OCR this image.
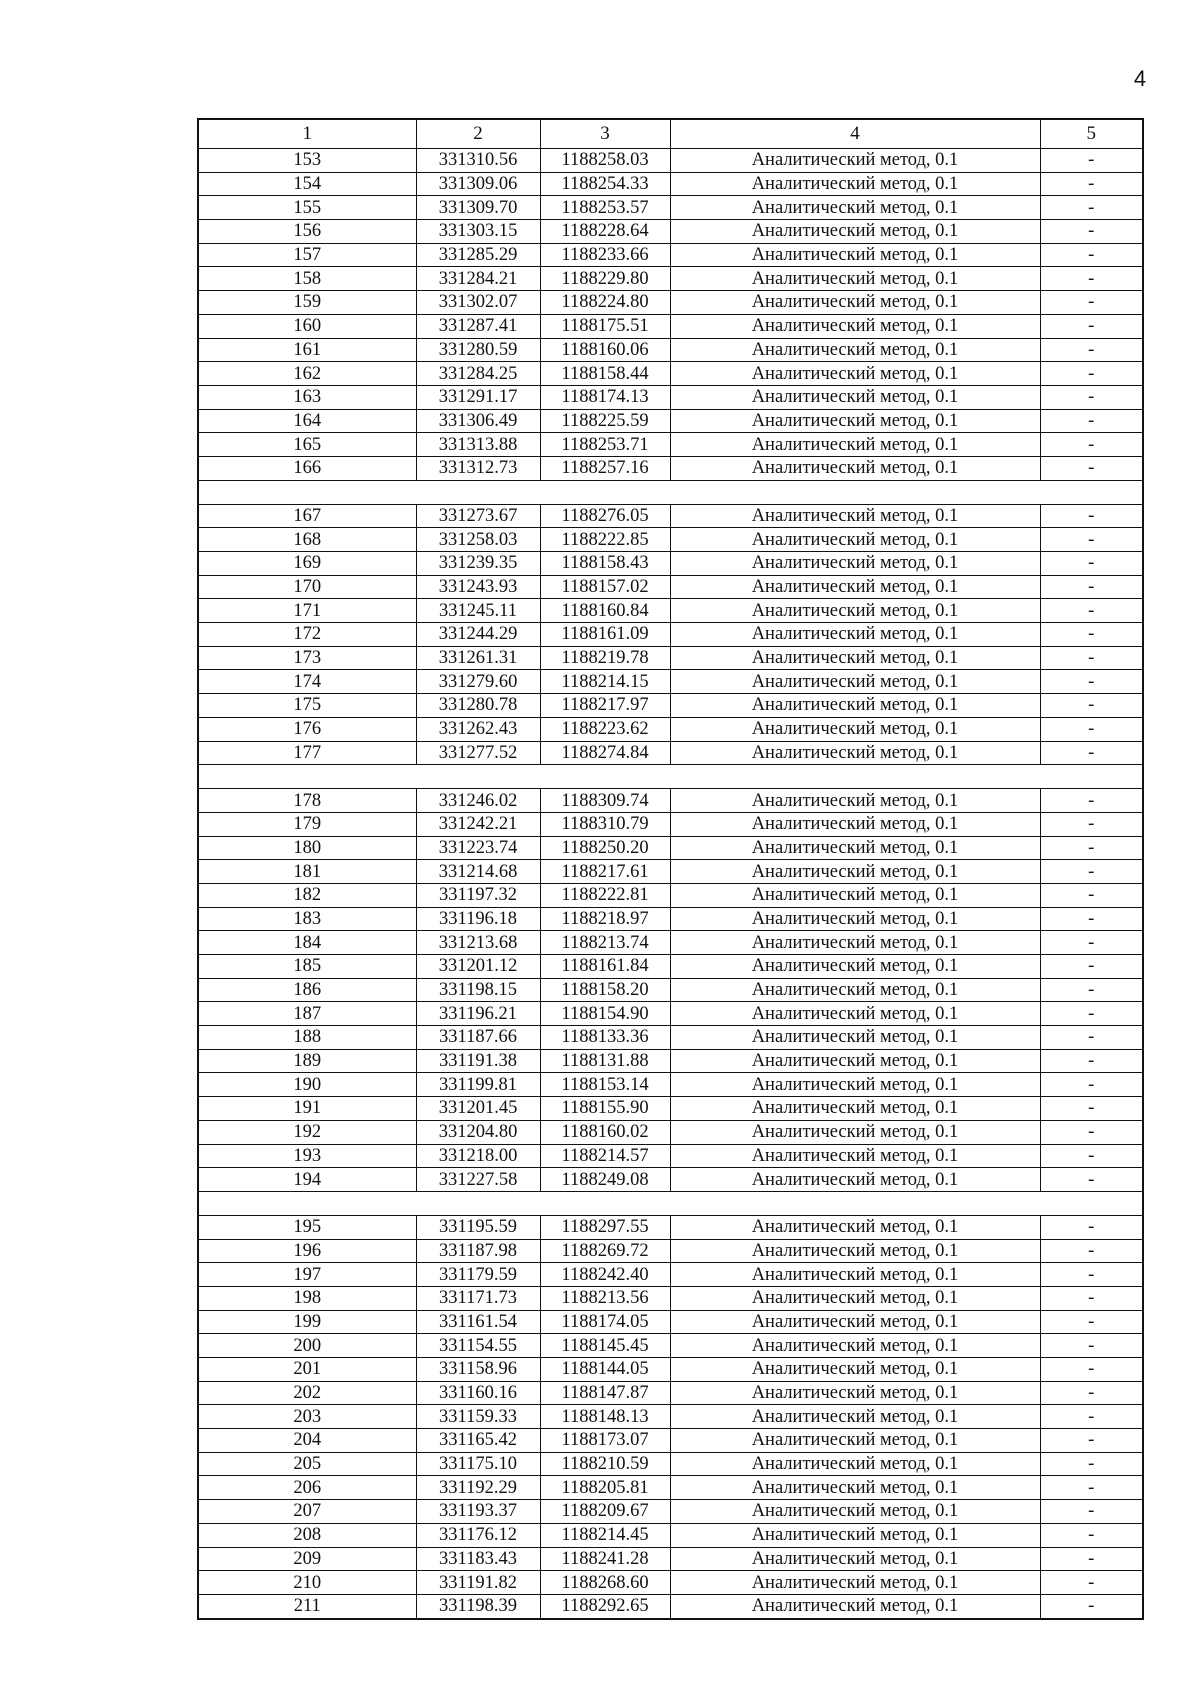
4
1	2	3	4	5
153	331310.56	1188258.03	Аналитический метод, 0.1	-
154	331309.06	1188254.33	Аналитический метод, 0.1	-
155	331309.70	1188253.57	Аналитический метод, 0.1	-
156	331303.15	1188228.64	Аналитический метод, 0.1	-
157	331285.29	1188233.66	Аналитический метод, 0.1	-
158	331284.21	1188229.80	Аналитический метод, 0.1	-
159	331302.07	1188224.80	Аналитический метод, 0.1	-
160	331287.41	1188175.51	Аналитический метод, 0.1	-
161	331280.59	1188160.06	Аналитический метод, 0.1	-
162	331284.25	1188158.44	Аналитический метод, 0.1	-
163	331291.17	1188174.13	Аналитический метод, 0.1	-
164	331306.49	1188225.59	Аналитический метод, 0.1	-
165	331313.88	1188253.71	Аналитический метод, 0.1	-
166	331312.73	1188257.16	Аналитический метод, 0.1	-

167	331273.67	1188276.05	Аналитический метод, 0.1	-
168	331258.03	1188222.85	Аналитический метод, 0.1	-
169	331239.35	1188158.43	Аналитический метод, 0.1	-
170	331243.93	1188157.02	Аналитический метод, 0.1	-
171	331245.11	1188160.84	Аналитический метод, 0.1	-
172	331244.29	1188161.09	Аналитический метод, 0.1	-
173	331261.31	1188219.78	Аналитический метод, 0.1	-
174	331279.60	1188214.15	Аналитический метод, 0.1	-
175	331280.78	1188217.97	Аналитический метод, 0.1	-
176	331262.43	1188223.62	Аналитический метод, 0.1	-
177	331277.52	1188274.84	Аналитический метод, 0.1	-

178	331246.02	1188309.74	Аналитический метод, 0.1	-
179	331242.21	1188310.79	Аналитический метод, 0.1	-
180	331223.74	1188250.20	Аналитический метод, 0.1	-
181	331214.68	1188217.61	Аналитический метод, 0.1	-
182	331197.32	1188222.81	Аналитический метод, 0.1	-
183	331196.18	1188218.97	Аналитический метод, 0.1	-
184	331213.68	1188213.74	Аналитический метод, 0.1	-
185	331201.12	1188161.84	Аналитический метод, 0.1	-
186	331198.15	1188158.20	Аналитический метод, 0.1	-
187	331196.21	1188154.90	Аналитический метод, 0.1	-
188	331187.66	1188133.36	Аналитический метод, 0.1	-
189	331191.38	1188131.88	Аналитический метод, 0.1	-
190	331199.81	1188153.14	Аналитический метод, 0.1	-
191	331201.45	1188155.90	Аналитический метод, 0.1	-
192	331204.80	1188160.02	Аналитический метод, 0.1	-
193	331218.00	1188214.57	Аналитический метод, 0.1	-
194	331227.58	1188249.08	Аналитический метод, 0.1	-

195	331195.59	1188297.55	Аналитический метод, 0.1	-
196	331187.98	1188269.72	Аналитический метод, 0.1	-
197	331179.59	1188242.40	Аналитический метод, 0.1	-
198	331171.73	1188213.56	Аналитический метод, 0.1	-
199	331161.54	1188174.05	Аналитический метод, 0.1	-
200	331154.55	1188145.45	Аналитический метод, 0.1	-
201	331158.96	1188144.05	Аналитический метод, 0.1	-
202	331160.16	1188147.87	Аналитический метод, 0.1	-
203	331159.33	1188148.13	Аналитический метод, 0.1	-
204	331165.42	1188173.07	Аналитический метод, 0.1	-
205	331175.10	1188210.59	Аналитический метод, 0.1	-
206	331192.29	1188205.81	Аналитический метод, 0.1	-
207	331193.37	1188209.67	Аналитический метод, 0.1	-
208	331176.12	1188214.45	Аналитический метод, 0.1	-
209	331183.43	1188241.28	Аналитический метод, 0.1	-
210	331191.82	1188268.60	Аналитический метод, 0.1	-
211	331198.39	1188292.65	Аналитический метод, 0.1	-
